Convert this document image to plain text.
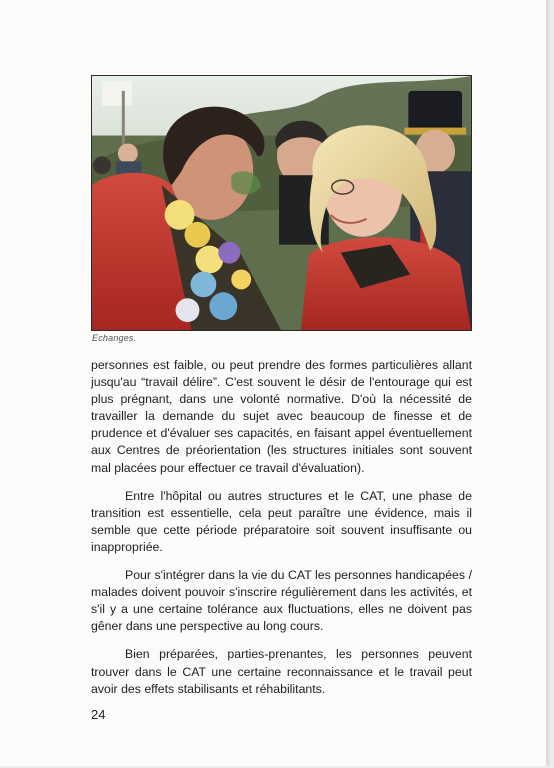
Echanges.

personnes est faible, ou peut prendre des formes particulières allant jusqu'au “travail délire”. C'est souvent le désir de l'entourage qui est plus prégnant, dans une volonté normative. D'où la nécessité de travailler la demande du sujet avec beaucoup de finesse et de prudence et d'évaluer ses capacités, en faisant appel éventuellement aux Centres de préorientation (les structures initiales sont souvent mal placées pour effectuer ce travail d'évaluation).

Entre l'hôpital ou autres structures et le CAT, une phase de transition est essentielle, cela peut paraître une évidence, mais il semble que cette période préparatoire soit souvent insuffisante ou inappropriée.

Pour s'intégrer dans la vie du CAT les personnes handicapées / malades doivent pouvoir s'inscrire régulièrement dans les activités, et s'il y a une certaine tolérance aux fluctuations, elles ne doivent pas gêner dans une perspective au long cours.

Bien préparées, parties-prenantes, les personnes peuvent trouver dans le CAT une certaine reconnaissance et le travail peut avoir des effets stabilisants et réhabilitants.

24
